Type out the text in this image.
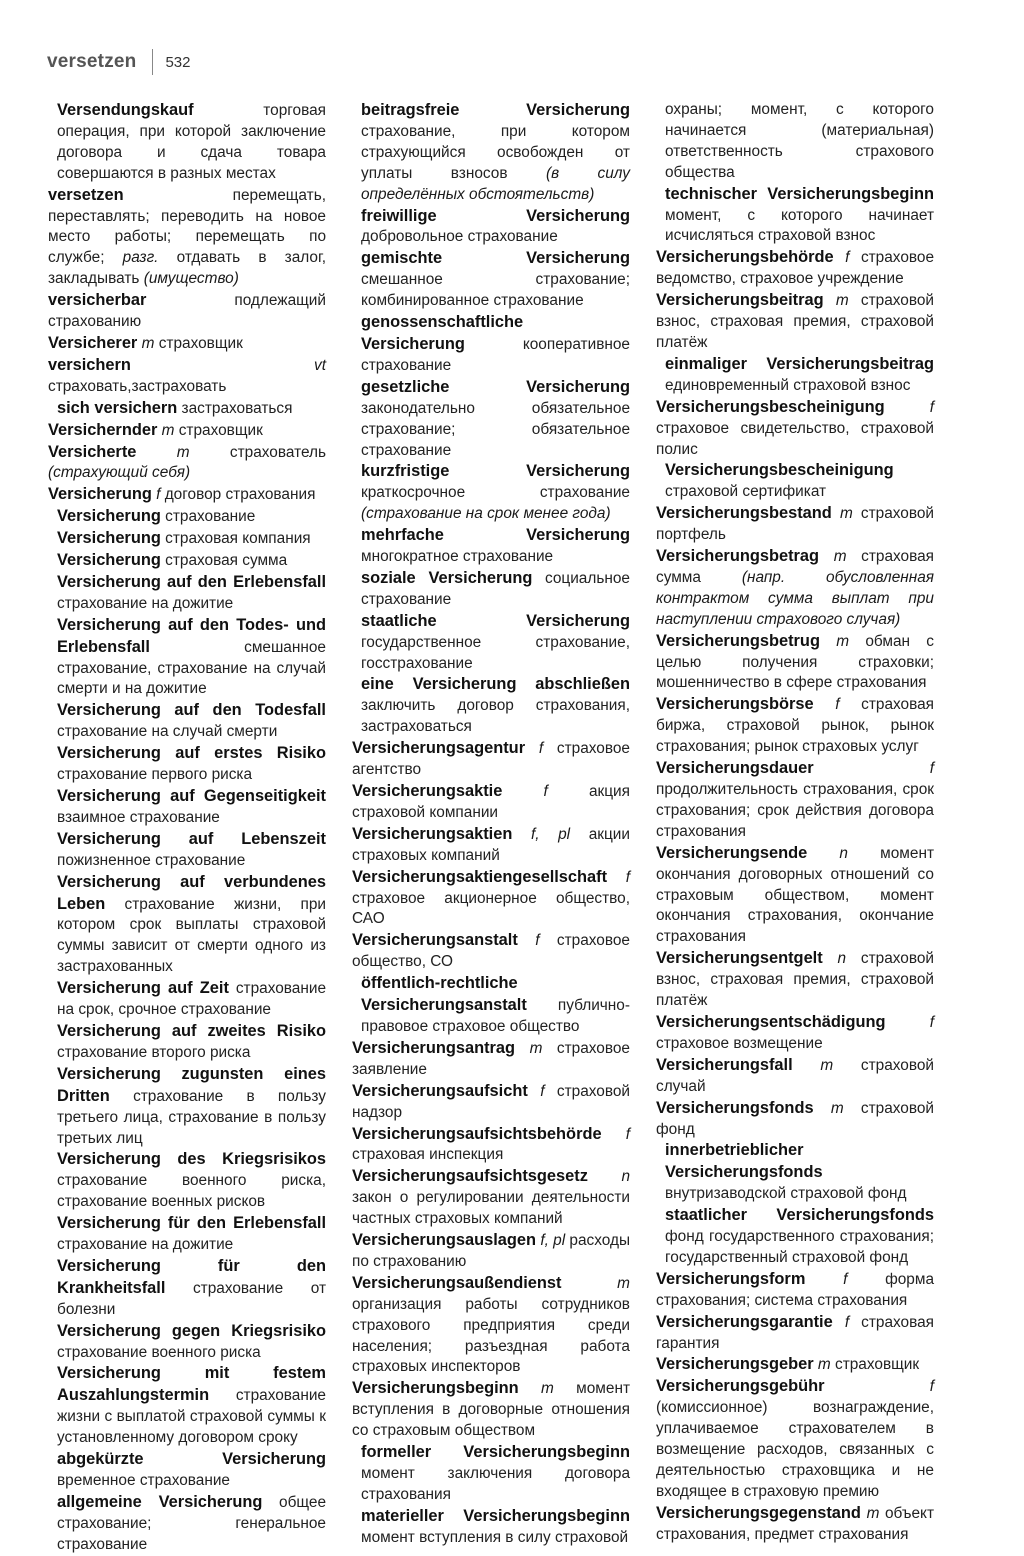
versetzen 532
Versendungskauf	торговая операция, при которой заключение договора и сдача товара совершаются в разных местах
versetzen	перемещать, переставлять; переводить на новое место работы; перемещать по службе; разг. отдавать в залог, закладывать (имущество)
versicherbar	подлежащий страхованию
Versicherer m страховщик
versichern	vt страховать,застраховать
sich versichern застраховаться
Versichernder m страховщик
Versicherte	m	страхователь (страхующий себя)
Versicherung f договор страхования
Versicherung страхование
Versicherung страховая компания
Versicherung страховая сумма
Versicherung auf den Erlebensfall страхование на дожитие
Versicherung auf den Todes- und Erlebensfall	смешанное страхование, страхование на случай смерти и на дожитие
Versicherung auf den Todesfall страхование на случай смерти
Versicherung auf erstes Risiko страхование первого риска
Versicherung auf Gegenseitigkeit взаимное страхование
Versicherung auf Lebenszeit пожизненное страхование
Versicherung auf verbundenes Leben страхование жизни, при котором срок выплаты страховой суммы зависит от смерти одного из застрахованных
Versicherung auf Zeit страхование на срок, срочное страхование
Versicherung auf zweites Risiko страхование второго риска
Versicherung zugunsten eines Dritten страхование в пользу третьего лица, страхование в пользу третьих лиц
Versicherung des Kriegsrisikos страхование военного риска, страхование военных рисков
Versicherung für den Erlebensfall страхование на дожитие
Versicherung für den Krankheitsfall страхование от болезни
Versicherung gegen Kriegsrisiko страхование военного риска
Versicherung mit festem Auszahlungstermin страхование жизни с выплатой страховой суммы к установленному договором сроку
abgekürzte Versicherung временное страхование
allgemeine Versicherung общее страхование; генеральное страхование
beitragsfreie Versicherung страхование, при котором страхующийся освобожден от уплаты взносов (в силу определённых обстоятельств)
freiwillige Versicherung добровольное страхование
gemischte Versicherung смешанное страхование; комбинированное страхование
genossenschaftliche Versicherung	кооперативное страхование
gesetzliche Versicherung законодательно обязательное страхование; обязательное страхование
kurzfristige Versicherung краткосрочное страхование (страхование на срок менее года)
mehrfache Versicherung многократное страхование
soziale Versicherung социальное страхование
staatliche Versicherung государственное страхование, госстрахование
eine Versicherung abschließen заключить договор страхования, застраховаться
Versicherungsagentur f страховое агентство
Versicherungsaktie	f	акция страховой компании
Versicherungsaktien f, pl акции страховых компаний
Versicherungsaktiengesellschaft f страховое акционерное общество, САО
Versicherungsanstalt f страховое общество, СО
öffentlich-rechtliche Versicherungsanstalt публично-правовое страховое общество
Versicherungsantrag m страховое заявление
Versicherungsaufsicht f страховой надзор
Versicherungsaufsichtsbehörde f страховая инспекция
Versicherungsaufsichtsgesetz n закон о регулировании деятельности частных страховых компаний
Versicherungsauslagen f, pl расходы по страхованию
Versicherungsaußendienst	m организация работы сотрудников страхового предприятия среди населения; разъездная работа страховых инспекторов
Versicherungsbeginn m момент вступления в договорные отношения со страховым обществом
formeller Versicherungsbeginn момент заключения договора страхования
materieller Versicherungsbeginn момент вступления в силу страховой
охраны; момент, с которого начинается (материальная) ответственность страхового общества
technischer Versicherungsbeginn момент, с которого начинает исчисляться страховой взнос
Versicherungsbehörde f страховое ведомство, страховое учреждение
Versicherungsbeitrag m страховой взнос, страховая премия, страховой платёж
einmaliger Versicherungsbeitrag единовременный страховой взнос
Versicherungsbescheinigung	f страховое свидетельство, страховой полис
Versicherungsbescheinigung страховой сертификат
Versicherungsbestand m страховой портфель
Versicherungsbetrag m страховая сумма	(напр. обусловленная контрактом сумма выплат при наступлении страхового случая)
Versicherungsbetrug m обман с целью получения страховки; мошенничество в сфере страхования
Versicherungsbörse f страховая биржа, страховой рынок, рынок страхования; рынок страховых услуг
Versicherungsdauer	f продолжительность страхования, срок страхования; срок действия договора страхования
Versicherungsende n момент окончания договорных отношений со страховым обществом, момент окончания страхования, окончание страхования
Versicherungsentgelt n страховой взнос, страховая премия, страховой платёж
Versicherungsentschädigung	f страховое возмещение
Versicherungsfall m страховой случай
Versicherungsfonds m страховой фонд
innerbetrieblicher Versicherungsfonds внутризаводской страховой фонд
staatlicher Versicherungsfonds фонд государственного страхования; государственный страховой фонд
Versicherungsform f форма страхования; система страхования
Versicherungsgarantie f страховая гарантия
Versicherungsgeber m страховщик
Versicherungsgebühr	f (комиссионное) вознаграждение, уплачиваемое страхователем в возмещение расходов, связанных с деятельностью страховщика и не входящее в страховую премию
Versicherungsgegenstand m объект страхования, предмет страхования
